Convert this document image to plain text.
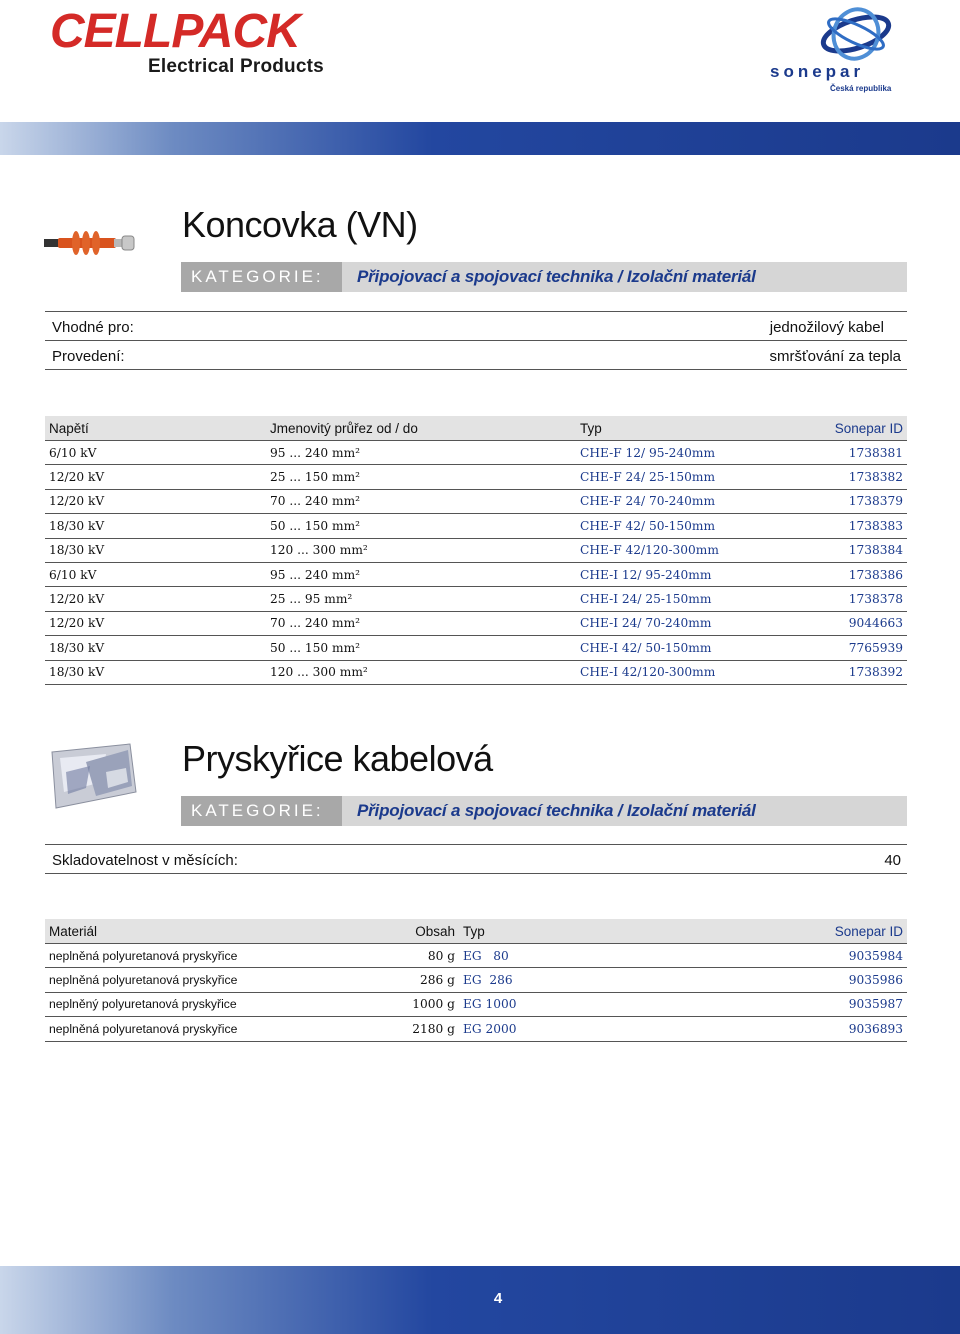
CELLPACK
Electrical Products	sonepar
Česká republika
Koncovka (VN)
KATEGORIE:	Připojovací a spojovací technika / Izolační materiál
Vhodné pro:	jednožilový kabel
Provedení:	smršťování za tepla
Napětí	Jmenovitý průřez od / do	Typ	Sonepar ID
6/10 kV	95 ... 240 mm²	CHE-F 12/ 95-240mm	1738381
12/20 kV	25 ... 150 mm²	CHE-F 24/ 25-150mm	1738382
12/20 kV	70 ... 240 mm²	CHE-F 24/ 70-240mm	1738379
18/30 kV	50 ... 150 mm²	CHE-F 42/ 50-150mm	1738383
18/30 kV	120 ... 300 mm²	CHE-F 42/120-300mm	1738384
6/10 kV	95 ... 240 mm²	CHE-I 12/ 95-240mm	1738386
12/20 kV	25 ... 95 mm²	CHE-I 24/ 25-150mm	1738378
12/20 kV	70 ... 240 mm²	CHE-I 24/ 70-240mm	9044663
18/30 kV	50 ... 150 mm²	CHE-I 42/ 50-150mm	7765939
18/30 kV	120 ... 300 mm²	CHE-I 42/120-300mm	1738392
Pryskyřice kabelová
KATEGORIE:	Připojovací a spojovací technika / Izolační materiál
Skladovatelnost v měsících:	40
Materiál	Obsah	Typ	Sonepar ID
neplněná polyuretanová pryskyřice	80 g	EG   80	9035984
neplněná polyuretanová pryskyřice	286 g	EG  286	9035986
neplněný polyuretanová pryskyřice	1000 g	EG 1000	9035987
neplněná polyuretanová pryskyřice	2180 g	EG 2000	9036893
4
